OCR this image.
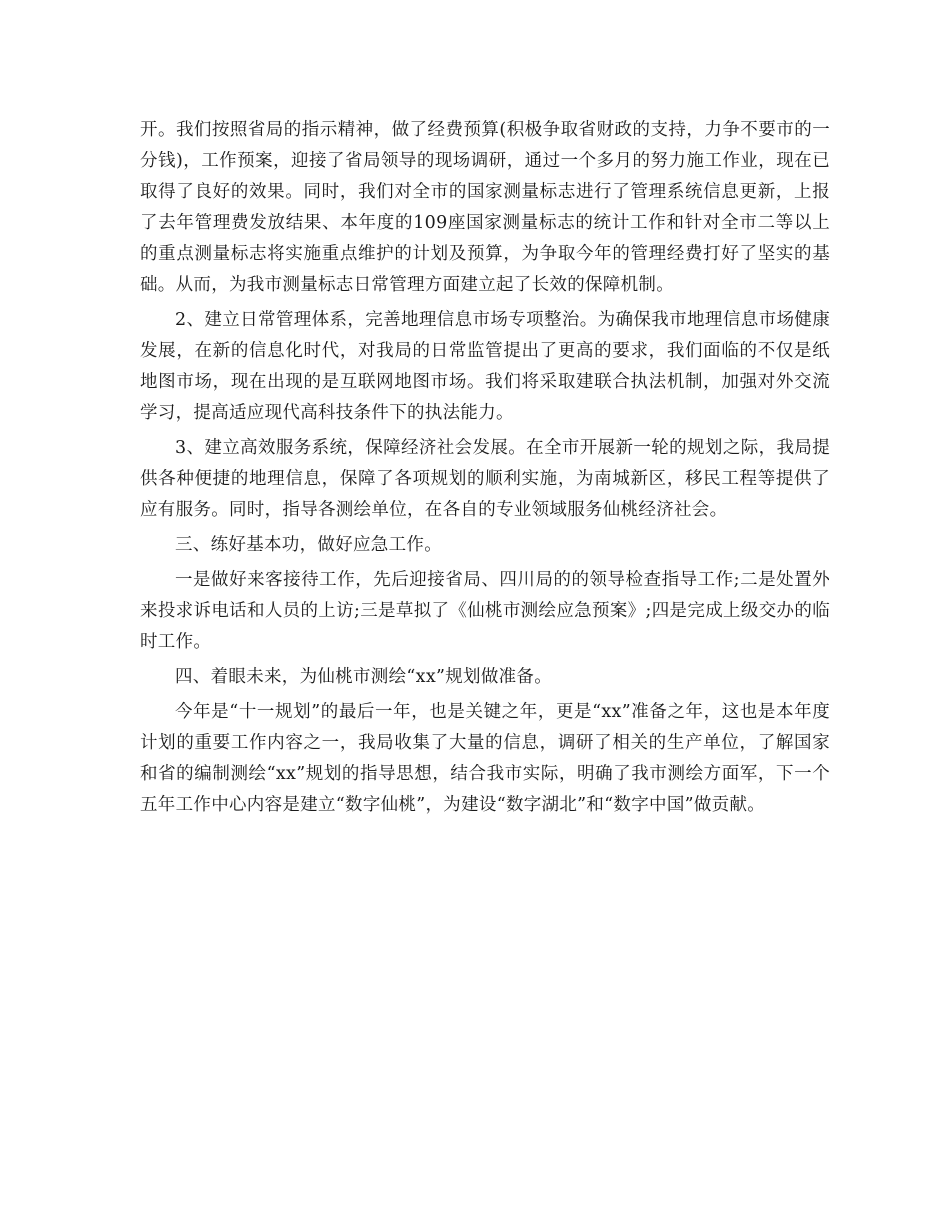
开。我们按照省局的指示精神，做了经费预算(积极争取省财政的支持，力争不要市的一分钱)，工作预案，迎接了省局领导的现场调研，通过一个多月的努力施工作业，现在已取得了良好的效果。同时，我们对全市的国家测量标志进行了管理系统信息更新，上报了去年管理费发放结果、本年度的109座国家测量标志的统计工作和针对全市二等以上的重点测量标志将实施重点维护的计划及预算，为争取今年的管理经费打好了坚实的基础。从而，为我市测量标志日常管理方面建立起了长效的保障机制。

2、建立日常管理体系，完善地理信息市场专项整治。为确保我市地理信息市场健康发展，在新的信息化时代，对我局的日常监管提出了更高的要求，我们面临的不仅是纸地图市场，现在出现的是互联网地图市场。我们将采取建联合执法机制，加强对外交流学习，提高适应现代高科技条件下的执法能力。

3、建立高效服务系统，保障经济社会发展。在全市开展新一轮的规划之际，我局提供各种便捷的地理信息，保障了各项规划的顺利实施，为南城新区，移民工程等提供了应有服务。同时，指导各测绘单位，在各自的专业领域服务仙桃经济社会。

三、练好基本功，做好应急工作。

一是做好来客接待工作，先后迎接省局、四川局的的领导检查指导工作;二是处置外来投求诉电话和人员的上访;三是草拟了《仙桃市测绘应急预案》;四是完成上级交办的临时工作。

四、着眼未来，为仙桃市测绘“xx”规划做准备。

今年是“十一规划”的最后一年，也是关键之年，更是“xx”准备之年，这也是本年度计划的重要工作内容之一，我局收集了大量的信息，调研了相关的生产单位，了解国家和省的编制测绘“xx”规划的指导思想，结合我市实际，明确了我市测绘方面军，下一个五年工作中心内容是建立“数字仙桃”，为建设“数字湖北”和“数字中国”做贡献。
